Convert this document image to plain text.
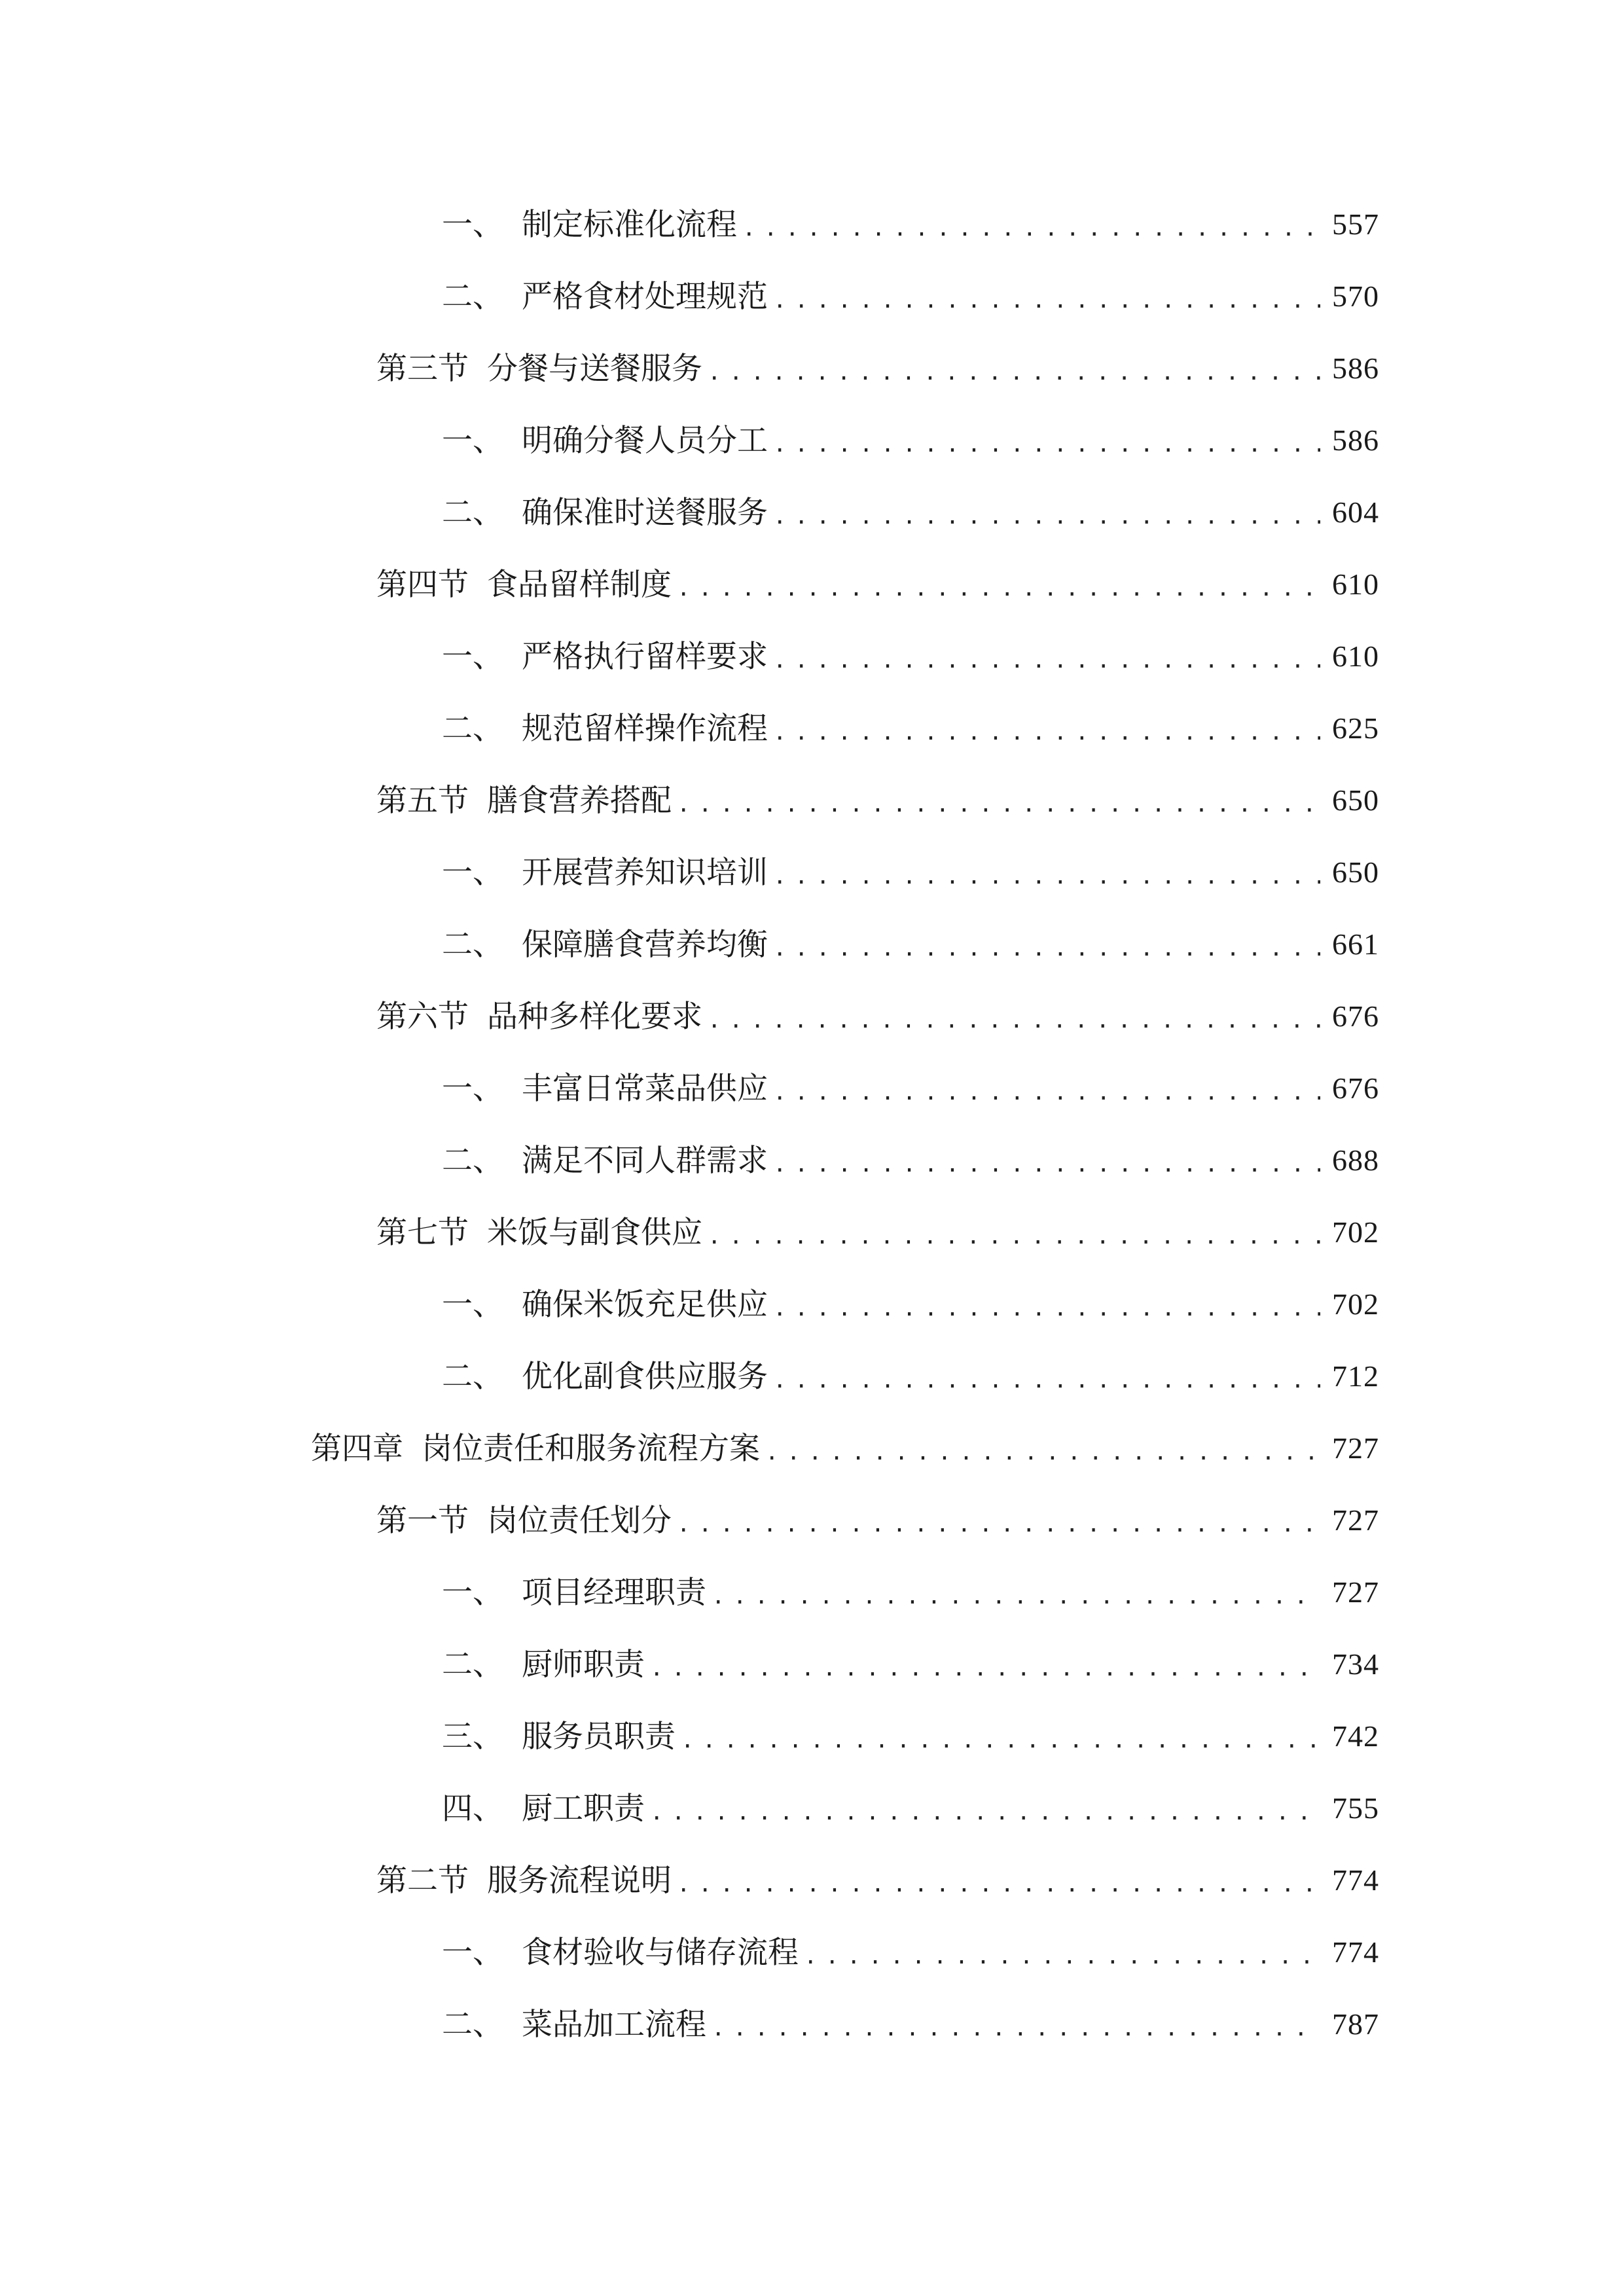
一、 制定标准化流程 .....	557
二、 严格食材处理规范 .....	570
第三节 分餐与送餐服务 .....	586
一、 明确分餐人员分工 .....	586
二、 确保准时送餐服务 .....	604
第四节 食品留样制度 .....	610
一、 严格执行留样要求 .....	610
二、 规范留样操作流程 .....	625
第五节 膳食营养搭配 .....	650
一、 开展营养知识培训 .....	650
二、 保障膳食营养均衡 .....	661
第六节 品种多样化要求 .....	676
一、 丰富日常菜品供应 .....	676
二、 满足不同人群需求 .....	688
第七节 米饭与副食供应 .....	702
一、 确保米饭充足供应 .....	702
二、 优化副食供应服务 .....	712
第四章 岗位责任和服务流程方案 .....	727
第一节 岗位责任划分 .....	727
一、 项目经理职责 .....	727
二、 厨师职责 .....	734
三、 服务员职责 .....	742
四、 厨工职责 .....	755
第二节 服务流程说明 .....	774
一、 食材验收与储存流程 .....	774
二、 菜品加工流程 .....	787
